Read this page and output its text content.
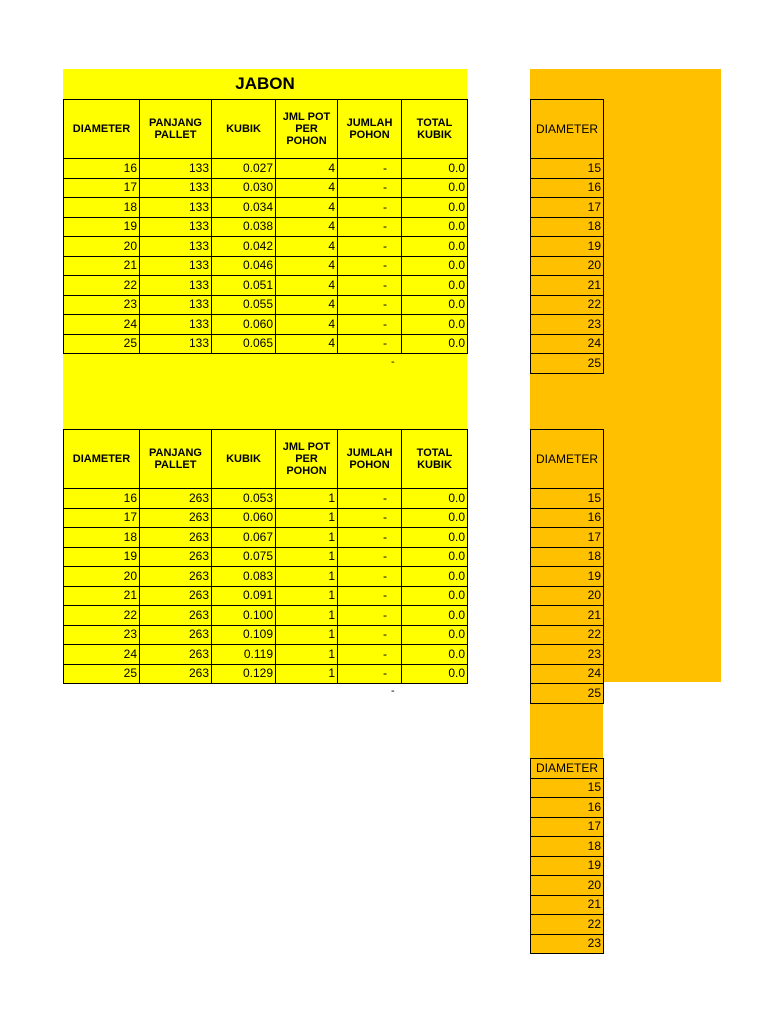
JABON
DIAMETER	PANJANG PALLET	KUBIK	JML POT PER POHON	JUMLAH POHON	TOTAL KUBIK
16	133	0.027	4	-	0.0
17	133	0.030	4	-	0.0
18	133	0.034	4	-	0.0
19	133	0.038	4	-	0.0
20	133	0.042	4	-	0.0
21	133	0.046	4	-	0.0
22	133	0.051	4	-	0.0
23	133	0.055	4	-	0.0
24	133	0.060	4	-	0.0
25	133	0.065	4	-	0.0
-
DIAMETER	PANJANG PALLET	KUBIK	JML POT PER POHON	JUMLAH POHON	TOTAL KUBIK
16	263	0.053	1	-	0.0
17	263	0.060	1	-	0.0
18	263	0.067	1	-	0.0
19	263	0.075	1	-	0.0
20	263	0.083	1	-	0.0
21	263	0.091	1	-	0.0
22	263	0.100	1	-	0.0
23	263	0.109	1	-	0.0
24	263	0.119	1	-	0.0
25	263	0.129	1	-	0.0
-
DIAMETER
15
16
17
18
19
20
21
22
23
24
25
DIAMETER
15
16
17
18
19
20
21
22
23
24
25
DIAMETER
15
16
17
18
19
20
21
22
23
